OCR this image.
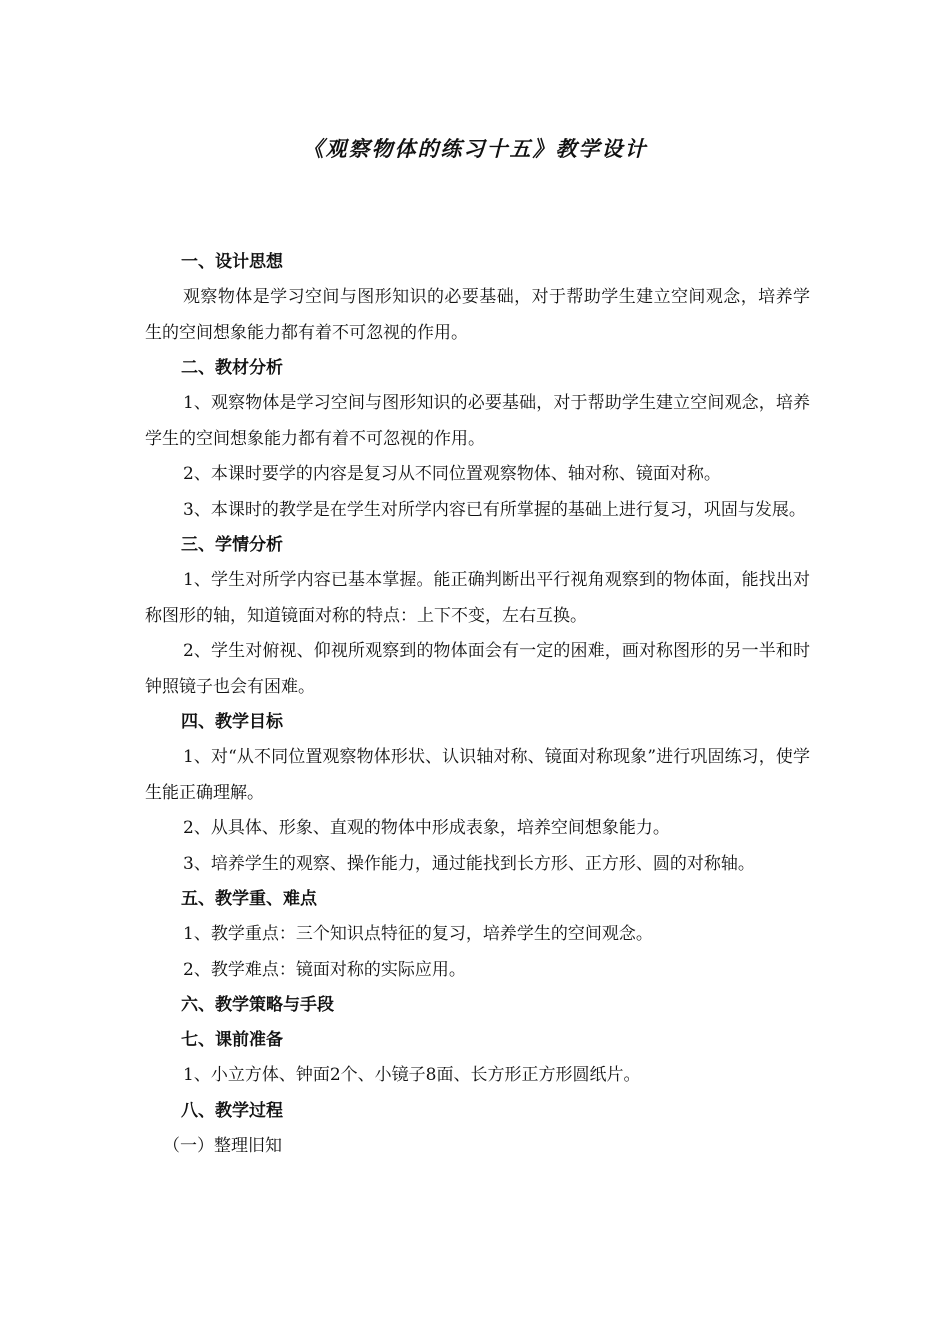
《观察物体的练习十五》教学设计
一、设计思想

观察物体是学习空间与图形知识的必要基础，对于帮助学生建立空间观念，培养学生的空间想象能力都有着不可忽视的作用。

二、教材分析

1、观察物体是学习空间与图形知识的必要基础，对于帮助学生建立空间观念，培养学生的空间想象能力都有着不可忽视的作用。

2、本课时要学的内容是复习从不同位置观察物体、轴对称、镜面对称。

3、本课时的教学是在学生对所学内容已有所掌握的基础上进行复习，巩固与发展。

三、学情分析

1、学生对所学内容已基本掌握。能正确判断出平行视角观察到的物体面，能找出对称图形的轴，知道镜面对称的特点：上下不变，左右互换。

2、学生对俯视、仰视所观察到的物体面会有一定的困难，画对称图形的另一半和时钟照镜子也会有困难。

四、教学目标

1、对“从不同位置观察物体形状、认识轴对称、镜面对称现象”进行巩固练习，使学生能正确理解。

2、从具体、形象、直观的物体中形成表象，培养空间想象能力。

3、培养学生的观察、操作能力，通过能找到长方形、正方形、圆的对称轴。

五、教学重、难点

1、教学重点：三个知识点特征的复习，培养学生的空间观念。

2、教学难点：镜面对称的实际应用。

六、教学策略与手段
七、课前准备

1、小立方体、钟面2个、小镜子8面、长方形正方形圆纸片。

八、教学过程
（一）整理旧知
